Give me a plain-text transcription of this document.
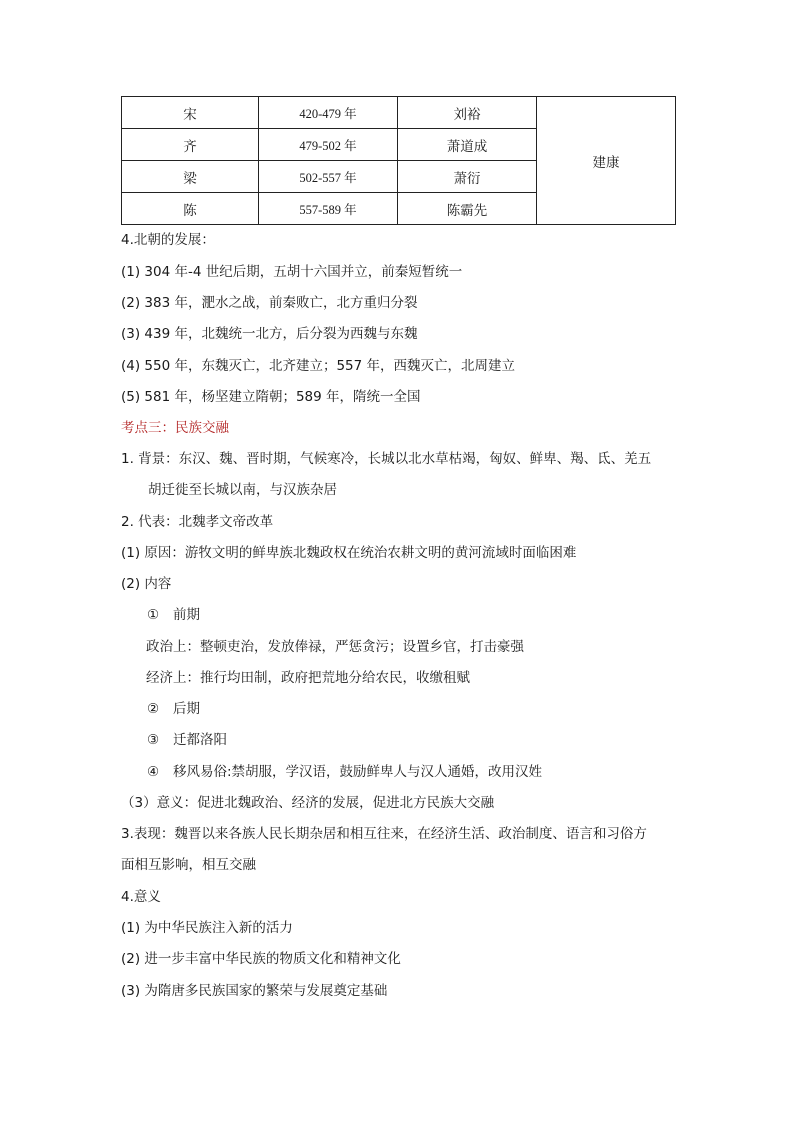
宋	420-479 年	刘裕	建康
齐	479-502 年	萧道成	
梁	502-557 年	萧衍	
陈	557-589 年	陈霸先	
4.北朝的发展：
(1) 304 年-4 世纪后期，五胡十六国并立，前秦短暂统一
(2) 383 年，淝水之战，前秦败亡，北方重归分裂
(3) 439 年，北魏统一北方，后分裂为西魏与东魏
(4) 550 年，东魏灭亡，北齐建立；557 年，西魏灭亡，北周建立
(5) 581 年，杨坚建立隋朝；589 年，隋统一全国
考点三：民族交融
1. 背景：东汉、魏、晋时期，气候寒冷，长城以北水草枯竭，匈奴、鲜卑、羯、氐、羌五
胡迁徙至长城以南，与汉族杂居
2. 代表：北魏孝文帝改革
(1) 原因：游牧文明的鲜卑族北魏政权在统治农耕文明的黄河流域时面临困难
(2) 内容
① 前期
政治上：整顿吏治，发放俸禄，严惩贪污；设置乡官，打击豪强
经济上：推行均田制，政府把荒地分给农民，收缴租赋
② 后期
③ 迁都洛阳
④ 移风易俗:禁胡服，学汉语，鼓励鲜卑人与汉人通婚，改用汉姓
（3）意义：促进北魏政治、经济的发展，促进北方民族大交融
3.表现：魏晋以来各族人民长期杂居和相互往来，在经济生活、政治制度、语言和习俗方
面相互影响，相互交融
4.意义
(1) 为中华民族注入新的活力
(2) 进一步丰富中华民族的物质文化和精神文化
(3) 为隋唐多民族国家的繁荣与发展奠定基础
